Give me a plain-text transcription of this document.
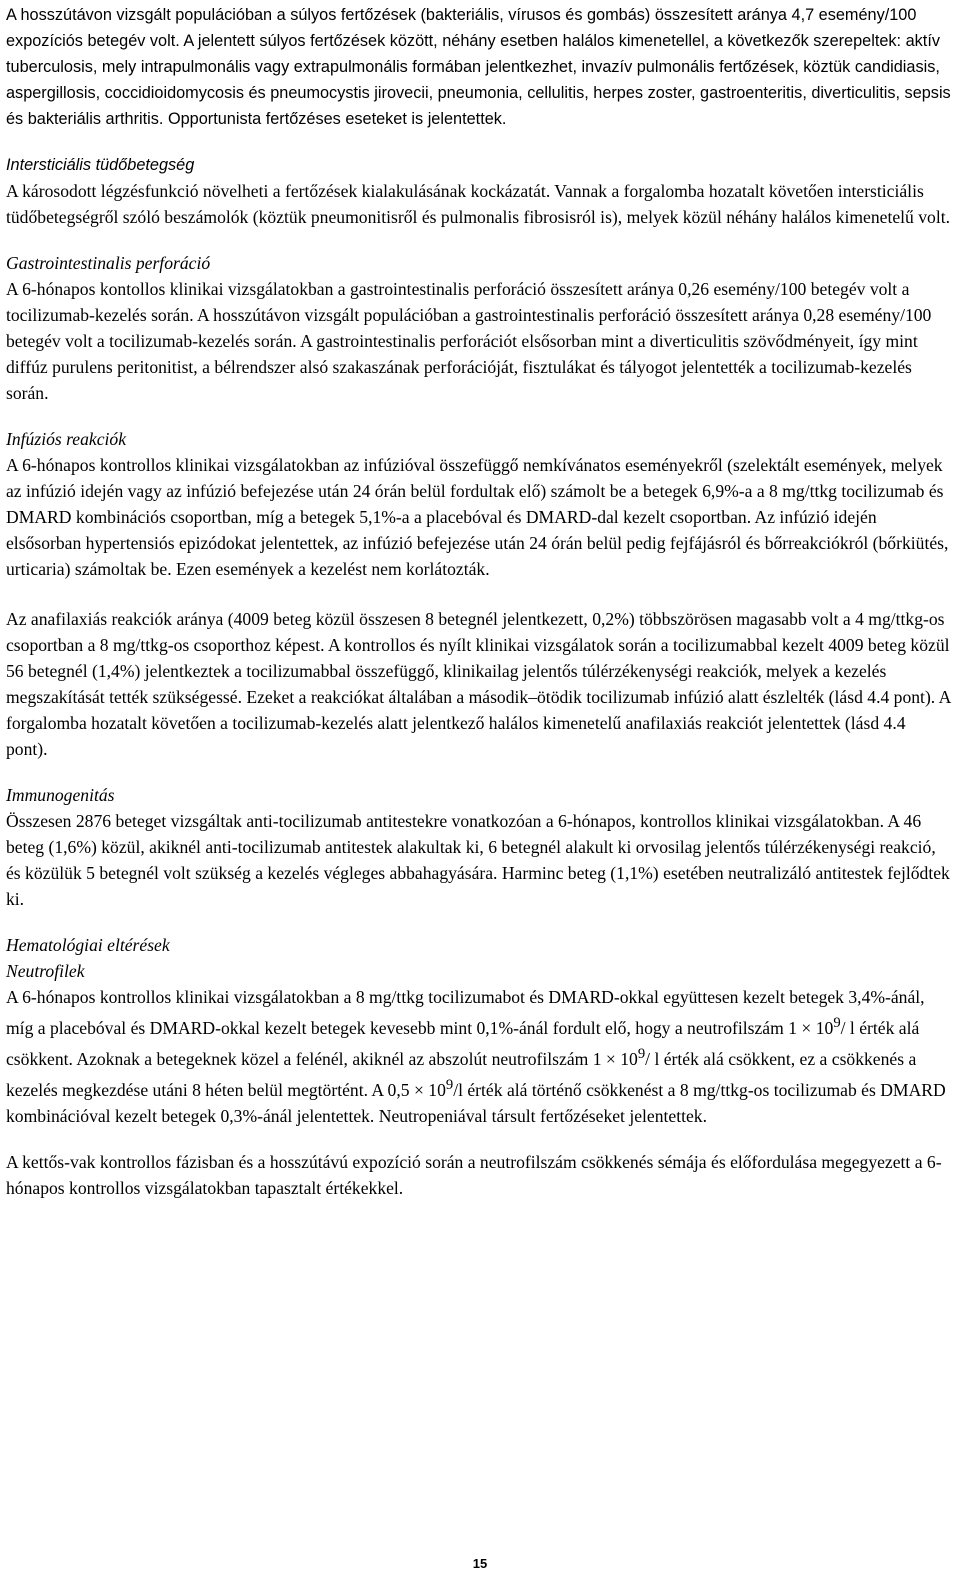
A hosszútávon vizsgált populációban a súlyos fertőzések (bakteriális, vírusos és gombás) összesített aránya 4,7 esemény/100 expozíciós betegév volt. A jelentett súlyos fertőzések között, néhány esetben halálos kimenetellel, a következők szerepeltek: aktív tuberculosis, mely intrapulmonális vagy extrapulmonális formában jelentkezhet, invazív pulmonális fertőzések, köztük candidiasis, aspergillosis, coccidioidomycosis és pneumocystis jirovecii, pneumonia, cellulitis, herpes zoster, gastroenteritis, diverticulitis, sepsis és bakteriális arthritis. Opportunista fertőzéses eseteket is jelentettek.

Intersticiális tüdőbetegség

A károsodott légzésfunkció növelheti a fertőzések kialakulásának kockázatát. Vannak a forgalomba hozatalt követően intersticiális tüdőbetegségről szóló beszámolók (köztük pneumonitisről és pulmonalis fibrosisról is), melyek közül néhány halálos kimenetelű volt.

Gastrointestinalis perforáció

A 6-hónapos kontollos klinikai vizsgálatokban a gastrointestinalis perforáció összesített aránya 0,26 esemény/100 betegév volt a tocilizumab-kezelés során. A hosszútávon vizsgált populációban a gastrointestinalis perforáció összesített aránya 0,28 esemény/100 betegév volt a tocilizumab-kezelés során. A gastrointestinalis perforációt elsősorban mint a diverticulitis szövődményeit, így mint diffúz purulens peritonitist, a bélrendszer alsó szakaszának perforációját, fisztulákat és tályogot jelentették a tocilizumab-kezelés során.

Infúziós reakciók

A 6-hónapos kontrollos klinikai vizsgálatokban az infúzióval összefüggő nemkívánatos eseményekről (szelektált események, melyek az infúzió idején vagy az infúzió befejezése után 24 órán belül fordultak elő) számolt be a betegek 6,9%-a a 8 mg/ttkg tocilizumab és DMARD kombinációs csoportban, míg a betegek 5,1%-a a placebóval és DMARD-dal kezelt csoportban. Az infúzió idején elsősorban hypertensiós epizódokat jelentettek, az infúzió befejezése után 24 órán belül pedig fejfájásról és bőrreakciókról (bőrkiütés, urticaria) számoltak be. Ezen események a kezelést nem korlátozták.

Az anafilaxiás reakciók aránya (4009 beteg közül összesen 8 betegnél jelentkezett, 0,2%) többszörösen magasabb volt a 4 mg/ttkg-os csoportban a 8 mg/ttkg-os csoporthoz képest. A kontrollos és nyílt klinikai vizsgálatok során a tocilizumabbal kezelt 4009 beteg közül 56 betegnél (1,4%) jelentkeztek a tocilizumabbal összefüggő, klinikailag jelentős túlérzékenységi reakciók, melyek a kezelés megszakítását tették szükségessé. Ezeket a reakciókat általában a második–ötödik tocilizumab infúzió alatt észlelték (lásd 4.4 pont). A forgalomba hozatalt követően a tocilizumab-kezelés alatt jelentkező halálos kimenetelű anafilaxiás reakciót jelentettek (lásd 4.4 pont).

Immunogenitás

Összesen 2876 beteget vizsgáltak anti-tocilizumab antitestekre vonatkozóan a 6-hónapos, kontrollos klinikai vizsgálatokban. A 46 beteg (1,6%) közül, akiknél anti-tocilizumab antitestek alakultak ki, 6 betegnél alakult ki orvosilag jelentős túlérzékenységi reakció, és közülük 5 betegnél volt szükség a kezelés végleges abbahagyására. Harminc beteg (1,1%) esetében neutralizáló antitestek fejlődtek ki.

Hematológiai eltérések

Neutrofilek

A 6-hónapos kontrollos klinikai vizsgálatokban a 8 mg/ttkg tocilizumabot és DMARD-okkal együttesen kezelt betegek 3,4%-ánál, míg a placebóval és DMARD-okkal kezelt betegek kevesebb mint 0,1%-ánál fordult elő, hogy a neutrofilszám $1 \times 10^9/$ l érték alá csökkent. Azoknak a betegeknek közel a felénél, akiknél az abszolút neutrofilszám $1 \times 10^9/$ l érték alá csökkent, ez a csökkenés a kezelés megkezdése utáni 8 héten belül megtörtént. A $0,5 \times 10^9/l$ érték alá történő csökkenést a 8 mg/ttkg-os tocilizumab és DMARD kombinációval kezelt betegek 0,3%-ánál jelentettek. Neutropeniával társult fertőzéseket jelentettek.

A kettős-vak kontrollos fázisban és a hosszútávú expozíció során a neutrofilszám csökkenés sémája és előfordulása megegyezett a 6-hónapos kontrollos vizsgálatokban tapasztalt értékekkel.

15
